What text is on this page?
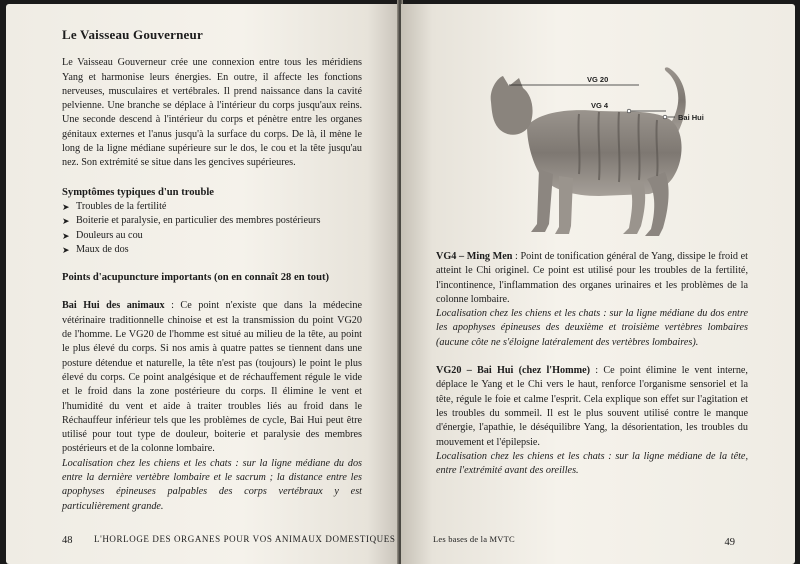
Le Vaisseau Gouverneur

Le Vaisseau Gouverneur crée une connexion entre tous les méridiens Yang et harmonise leurs énergies. En outre, il affecte les fonctions nerveuses, musculaires et vertébrales. Il prend naissance dans la cavité pelvienne. Une branche se déplace à l'intérieur du corps jusqu'aux reins. Une seconde descend à l'intérieur du corps et pénètre entre les organes génitaux externes et l'anus jusqu'à la surface du corps. De là, il mène le long de la ligne médiane supérieure sur le dos, le cou et la tête jusqu'au nez. Son extrémité se situe dans les gencives supérieures.

Symptômes typiques d'un trouble
➤ Troubles de la fertilité
➤ Boiterie et paralysie, en particulier des membres postérieurs
➤ Douleurs au cou
➤ Maux de dos
Points d'acupuncture importants (on en connaît 28 en tout)

Bai Hui des animaux : Ce point n'existe que dans la médecine vétérinaire traditionnelle chinoise et est la transmission du point VG20 de l'homme. Le VG20 de l'homme est situé au milieu de la tête, au point le plus élevé du corps. Si nos amis à quatre pattes se tiennent dans une posture détendue et naturelle, la tête n'est pas (toujours) le point le plus élevé du corps. Ce point analgésique et de réchauffement régule le vide et le froid dans la zone postérieure du corps. Il élimine le vent et l'humidité du vent et aide à traiter troubles liés au froid dans le Réchauffeur inférieur tels que les problèmes de cycle, Bai Hui peut être utilisé pour tout type de douleur, boiterie et paralysie des membres postérieurs et de la colonne lombaire.

Localisation chez les chiens et les chats : sur la ligne médiane du dos entre la dernière vertèbre lombaire et le sacrum ; la distance entre les apophyses épineuses palpables des corps vertébraux y est particulièrement grande.

48 L'HORLOGE DES ORGANES POUR VOS ANIMAUX DOMESTIQUES
VG 20
VG 4
Bai Hui

VG4 – Ming Men : Point de tonification général de Yang, dissipe le froid et atteint le Chi originel. Ce point est utilisé pour les troubles de la fertilité, l'incontinence, l'inflammation des organes urinaires et les problèmes de la colonne lombaire.

Localisation chez les chiens et les chats : sur la ligne médiane du dos entre les apophyses épineuses des deuxième et troisième vertèbres lombaires (aucune côte ne s'éloigne latéralement des vertèbres lombaires).

VG20 – Bai Hui (chez l'Homme) : Ce point élimine le vent interne, déplace le Yang et le Chi vers le haut, renforce l'organisme sensoriel et la tête, régule le foie et calme l'esprit. Cela explique son effet sur l'agitation et les troubles du sommeil. Il est le plus souvent utilisé contre le manque d'énergie, l'apathie, le déséquilibre Yang, la désorientation, les troubles du mouvement et l'épilepsie.

Localisation chez les chiens et les chats : sur la ligne médiane de la tête, entre l'extrémité avant des oreilles.

Les bases de la MVTC	49
